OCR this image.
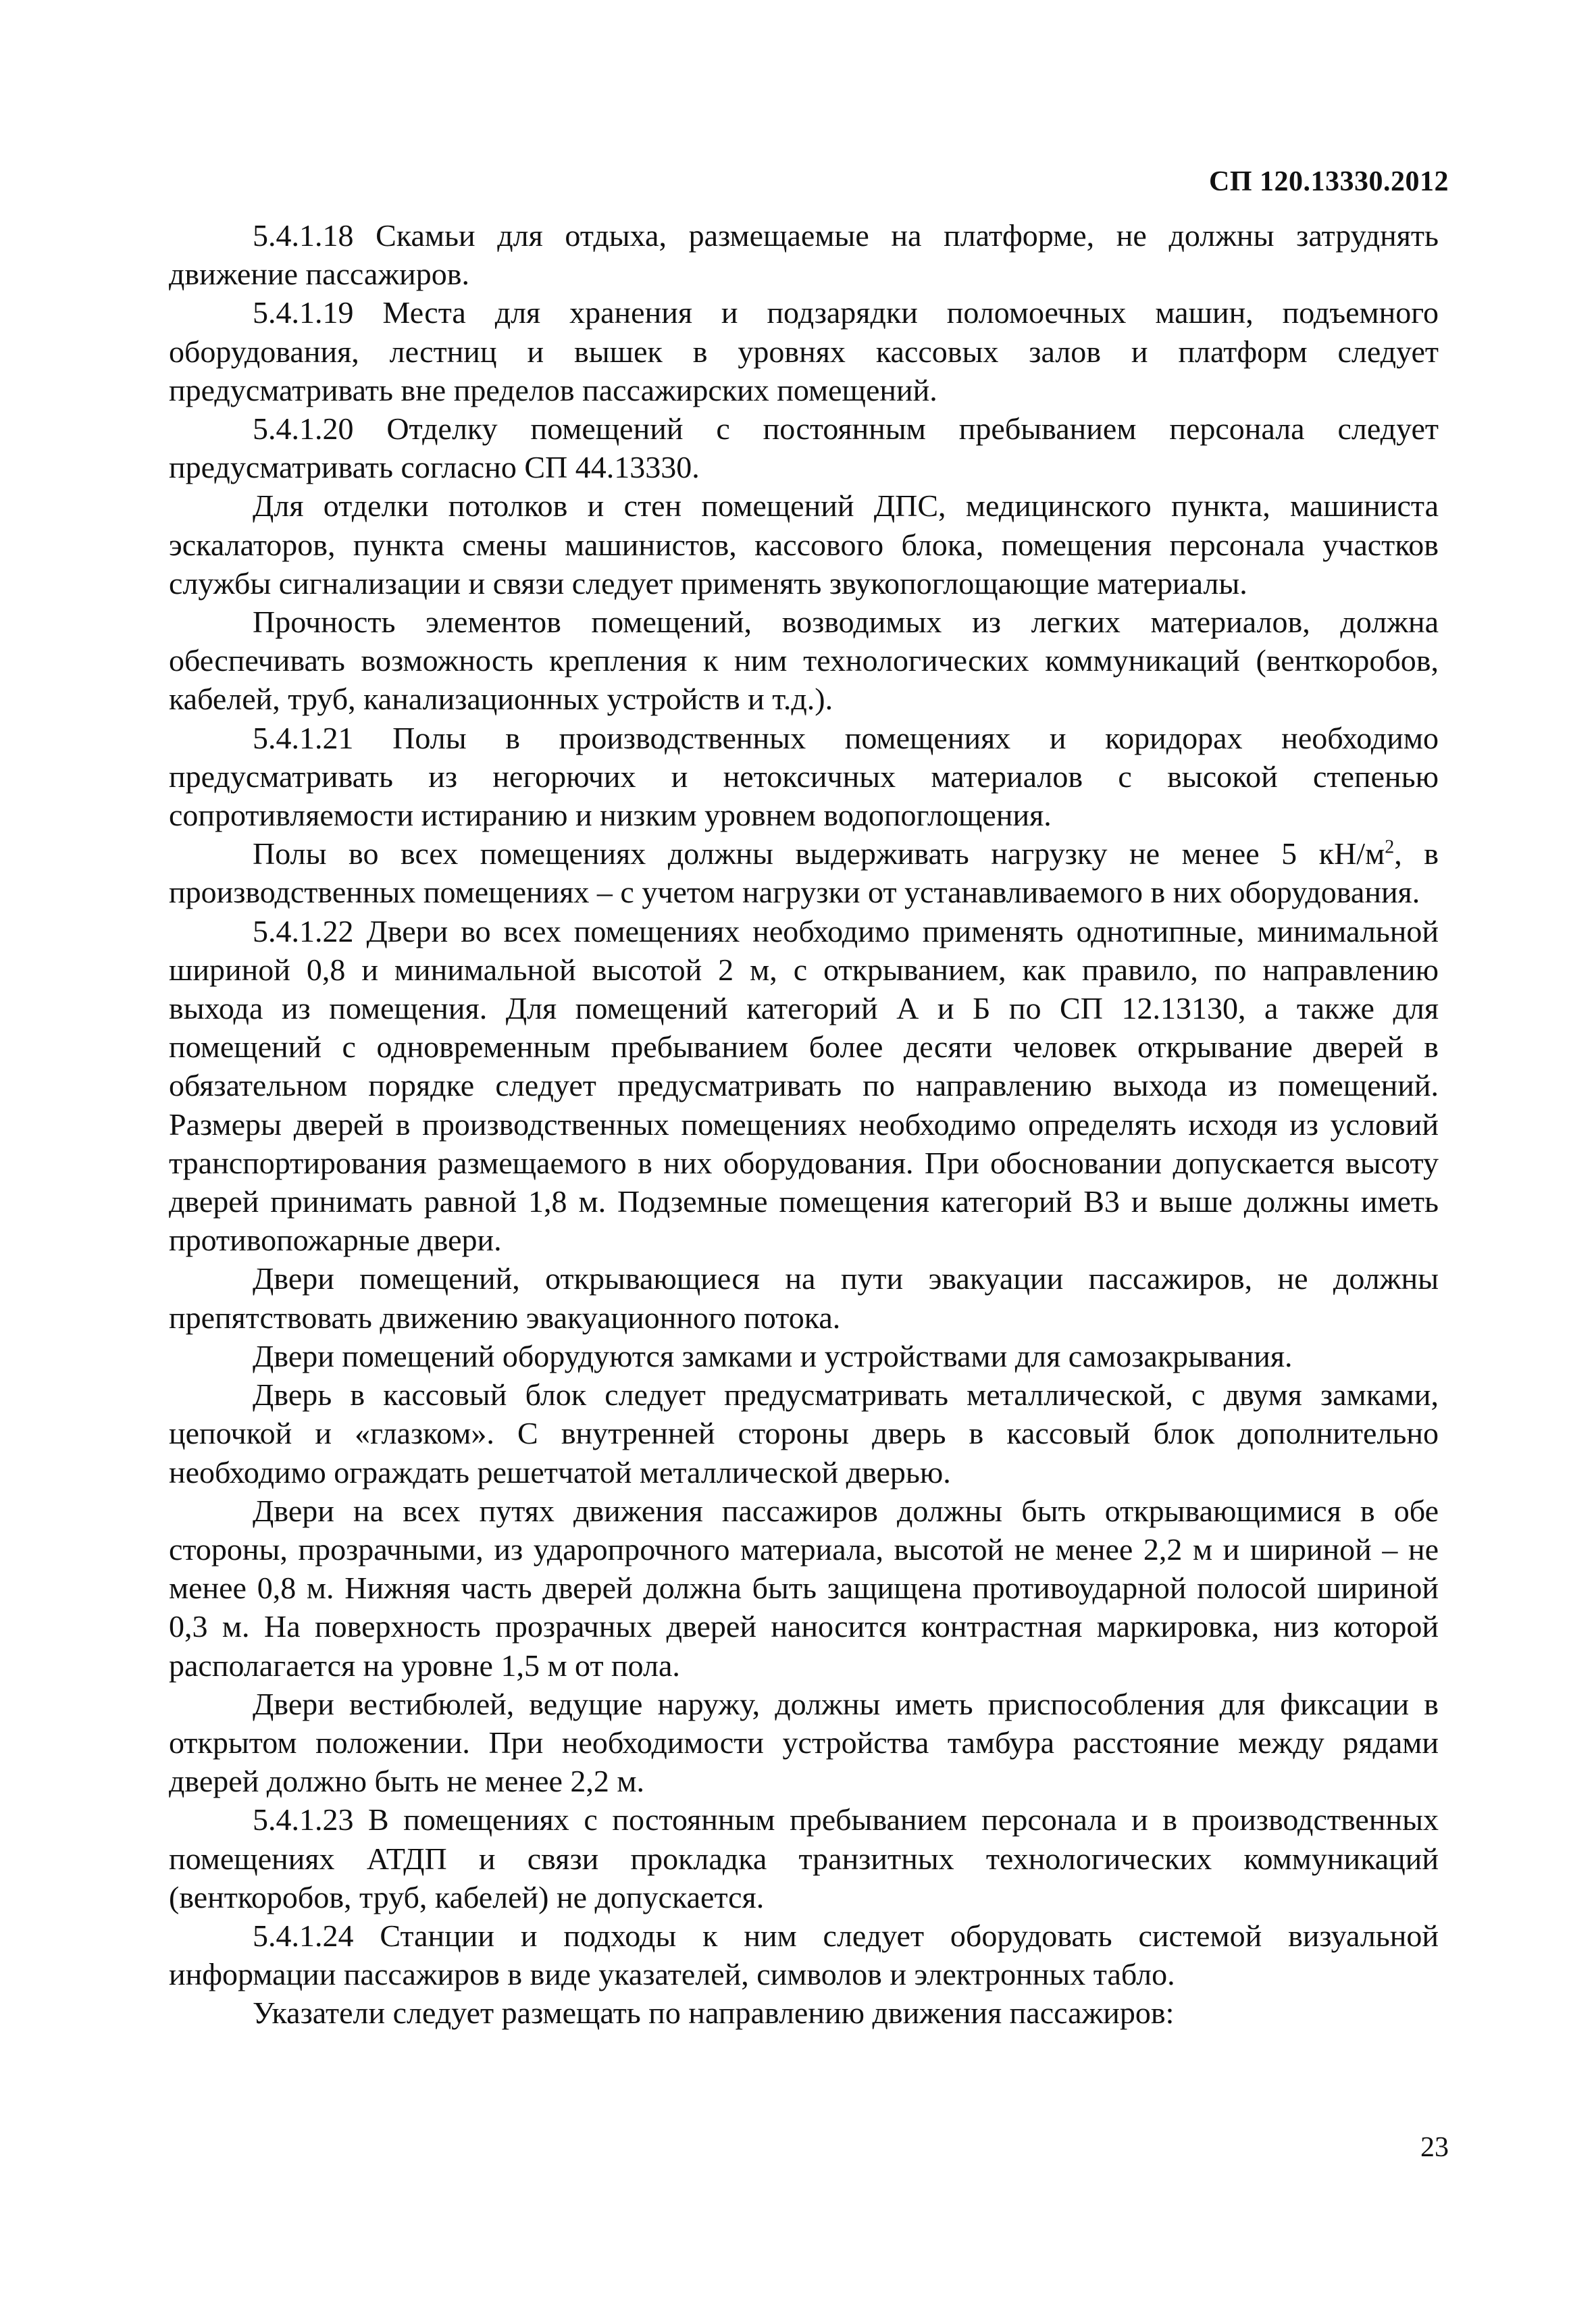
СП 120.13330.2012

5.4.1.18 Скамьи для отдыха, размещаемые на платформе, не должны затруднять движение пассажиров.

5.4.1.19 Места для хранения и подзарядки поломоечных машин, подъемного оборудования, лестниц и вышек в уровнях кассовых залов и платформ следует предусматривать вне пределов пассажирских помещений.

5.4.1.20 Отделку помещений с постоянным пребыванием персонала следует предусматривать согласно СП 44.13330.

Для отделки потолков и стен помещений ДПС, медицинского пункта, машиниста эскалаторов, пункта смены машинистов, кассового блока, помещения персонала участков службы сигнализации и связи следует применять звукопоглощающие материалы.

Прочность элементов помещений, возводимых из легких материалов, должна обеспечивать возможность крепления к ним технологических коммуникаций (венткоробов, кабелей, труб, канализационных устройств и т.д.).

5.4.1.21 Полы в производственных помещениях и коридорах необходимо предусматривать из негорючих и нетоксичных материалов с высокой степенью сопротивляемости истиранию и низким уровнем водопоглощения.

Полы во всех помещениях должны выдерживать нагрузку не менее 5 $кН/м^2$, в производственных помещениях – с учетом нагрузки от устанавливаемого в них оборудования.

5.4.1.22 Двери во всех помещениях необходимо применять однотипные, минимальной шириной 0,8 и минимальной высотой 2 м, с открыванием, как правило, по направлению выхода из помещения. Для помещений категорий А и Б по СП 12.13130, а также для помещений с одновременным пребыванием более десяти человек открывание дверей в обязательном порядке следует предусматривать по направлению выхода из помещений. Размеры дверей в производственных помещениях необходимо определять исходя из условий транспортирования размещаемого в них оборудования. При обосновании допускается высоту дверей принимать равной 1,8 м. Подземные помещения категорий В3 и выше должны иметь противопожарные двери.

Двери помещений, открывающиеся на пути эвакуации пассажиров, не должны препятствовать движению эвакуационного потока.

Двери помещений оборудуются замками и устройствами для самозакрывания.

Дверь в кассовый блок следует предусматривать металлической, с двумя замками, цепочкой и «глазком». С внутренней стороны дверь в кассовый блок дополнительно необходимо ограждать решетчатой металлической дверью.

Двери на всех путях движения пассажиров должны быть открывающимися в обе стороны, прозрачными, из ударопрочного материала, высотой не менее 2,2 м и шириной – не менее 0,8 м. Нижняя часть дверей должна быть защищена противоударной полосой шириной 0,3 м. На поверхность прозрачных дверей наносится контрастная маркировка, низ которой располагается на уровне 1,5 м от пола.

Двери вестибюлей, ведущие наружу, должны иметь приспособления для фиксации в открытом положении. При необходимости устройства тамбура расстояние между рядами дверей должно быть не менее 2,2 м.

5.4.1.23 В помещениях с постоянным пребыванием персонала и в производственных помещениях АТДП и связи прокладка транзитных технологических коммуникаций (венткоробов, труб, кабелей) не допускается.

5.4.1.24 Станции и подходы к ним следует оборудовать системой визуальной информации пассажиров в виде указателей, символов и электронных табло.

Указатели следует размещать по направлению движения пассажиров:

23
